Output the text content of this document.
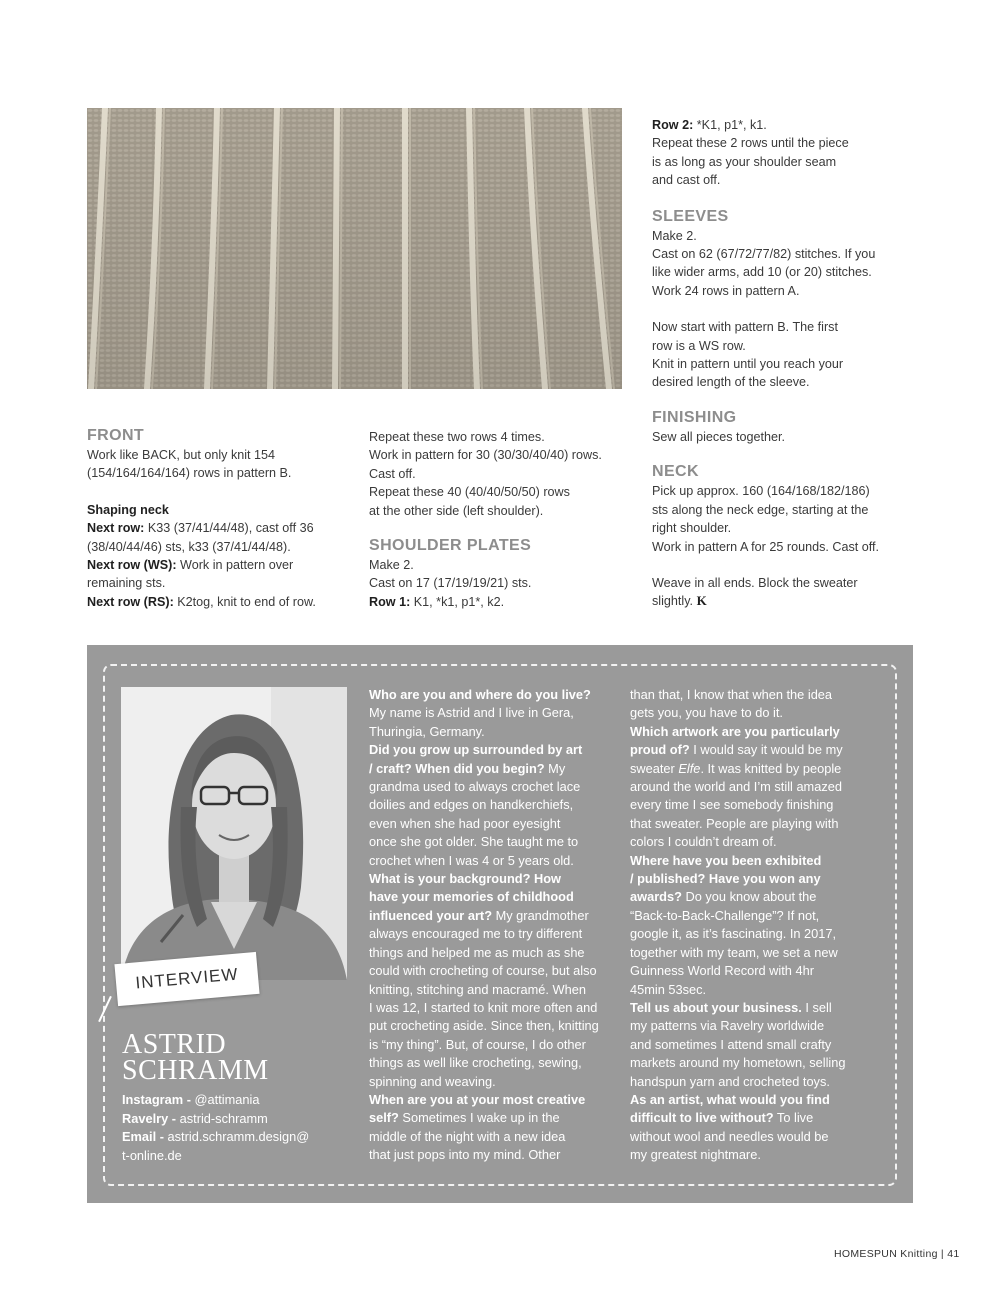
Row 2: *K1, p1*, k1.

Repeat these 2 rows until the piece

is as long as your shoulder seam

and cast off.

SLEEVES

Make 2.

Cast on 62 (67/72/77/82) stitches. If you

like wider arms, add 10 (or 20) stitches.

Work 24 rows in pattern A.

Now start with pattern B. The first

row is a WS row.

Knit in pattern until you reach your

desired length of the sleeve.

FINISHING

Sew all pieces together.

NECK

Pick up approx. 160 (164/168/182/186)

sts along the neck edge, starting at the

right shoulder.

Work in pattern A for 25 rounds. Cast off.

Weave in all ends. Block the sweater

slightly. K

FRONT

Work like BACK, but only knit 154

(154/164/164/164) rows in pattern B.

Shaping neck

Next row: K33 (37/41/44/48), cast off 36

(38/40/44/46) sts, k33 (37/41/44/48).

Next row (WS): Work in pattern over

remaining sts.

Next row (RS): K2tog, knit to end of row.

Repeat these two rows 4 times.

Work in pattern for 30 (30/30/40/40) rows.

Cast off.

Repeat these 40 (40/40/50/50) rows

at the other side (left shoulder).

SHOULDER PLATES

Make 2.

Cast on 17 (17/19/19/21) sts.

Row 1: K1, *k1, p1*, k2.

INTERVIEW
ASTRID
SCHRAMM
Instagram - @attimania
Ravelry - astrid-schramm
Email - astrid.schramm.design@
t-online.de

Who are you and where do you live?

My name is Astrid and I live in Gera,

Thuringia, Germany.

Did you grow up surrounded by art

/ craft? When did you begin? My

grandma used to always crochet lace

doilies and edges on handkerchiefs,

even when she had poor eyesight

once she got older. She taught me to

crochet when I was 4 or 5 years old.

What is your background? How

have your memories of childhood

influenced your art? My grandmother

always encouraged me to try different

things and helped me as much as she

could with crocheting of course, but also

knitting, stitching and macramé. When

I was 12, I started to knit more often and

put crocheting aside. Since then, knitting

is “my thing”. But, of course, I do other

things as well like crocheting, sewing,

spinning and weaving.

When are you at your most creative

self? Sometimes I wake up in the

middle of the night with a new idea

that just pops into my mind. Other

than that, I know that when the idea

gets you, you have to do it.

Which artwork are you particularly

proud of? I would say it would be my

sweater Elfe. It was knitted by people

around the world and I’m still amazed

every time I see somebody finishing

that sweater. People are playing with

colors I couldn’t dream of.

Where have you been exhibited

/ published? Have you won any

awards? Do you know about the

“Back-to-Back-Challenge”? If not,

google it, as it’s fascinating. In 2017,

together with my team, we set a new

Guinness World Record with 4hr

45min 53sec.

Tell us about your business. I sell

my patterns via Ravelry worldwide

and sometimes I attend small crafty

markets around my hometown, selling

handspun yarn and crocheted toys.

As an artist, what would you find

difficult to live without? To live

without wool and needles would be

my greatest nightmare.

HOMESPUN Knitting | 41
